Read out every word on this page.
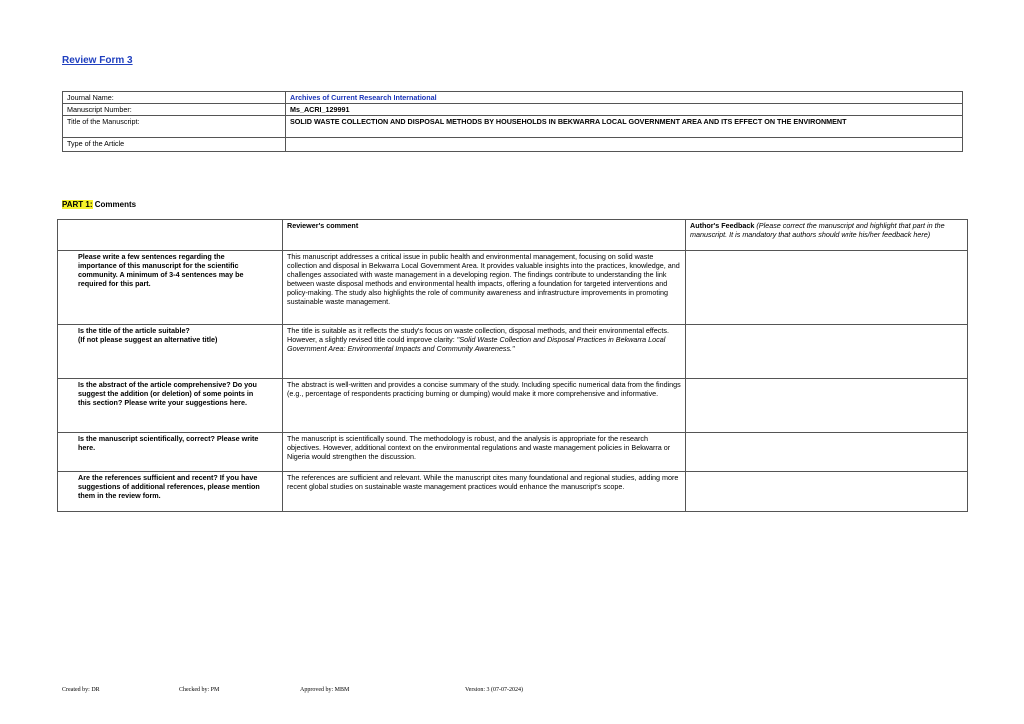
Review Form 3
Journal Name:	Archives of Current Research International
Manuscript Number:	Ms_ACRI_129991
Title of the Manuscript:	SOLID WASTE COLLECTION AND DISPOSAL METHODS BY HOUSEHOLDS IN BEKWARRA LOCAL GOVERNMENT AREA AND ITS EFFECT ON THE ENVIRONMENT
Type of the Article	
PART 1: Comments
	Reviewer's comment	Author's Feedback (Please correct the manuscript and highlight that part in the manuscript. It is mandatory that authors should write his/her feedback here)
Please write a few sentences regarding the importance of this manuscript for the scientific community. A minimum of 3-4 sentences may be required for this part.	This manuscript addresses a critical issue in public health and environmental management, focusing on solid waste collection and disposal in Bekwarra Local Government Area. It provides valuable insights into the practices, knowledge, and challenges associated with waste management in a developing region. The findings contribute to understanding the link between waste disposal methods and environmental health impacts, offering a foundation for targeted interventions and policy-making. The study also highlights the role of community awareness and infrastructure improvements in promoting sustainable waste management.	
Is the title of the article suitable?
(If not please suggest an alternative title)	The title is suitable as it reflects the study's focus on waste collection, disposal methods, and their environmental effects. However, a slightly revised title could improve clarity: "Solid Waste Collection and Disposal Practices in Bekwarra Local Government Area: Environmental Impacts and Community Awareness."	
Is the abstract of the article comprehensive? Do you suggest the addition (or deletion) of some points in this section? Please write your suggestions here.	The abstract is well-written and provides a concise summary of the study. Including specific numerical data from the findings (e.g., percentage of respondents practicing burning or dumping) would make it more comprehensive and informative.	
Is the manuscript scientifically, correct? Please write here.	The manuscript is scientifically sound. The methodology is robust, and the analysis is appropriate for the research objectives. However, additional context on the environmental regulations and waste management policies in Bekwarra or Nigeria would strengthen the discussion.	
Are the references sufficient and recent? If you have suggestions of additional references, please mention them in the review form.	The references are sufficient and relevant. While the manuscript cites many foundational and regional studies, adding more recent global studies on sustainable waste management practices would enhance the manuscript's scope.	
Created by: DR	Checked by: PM	Approved by: MBM	Version: 3 (07-07-2024)
